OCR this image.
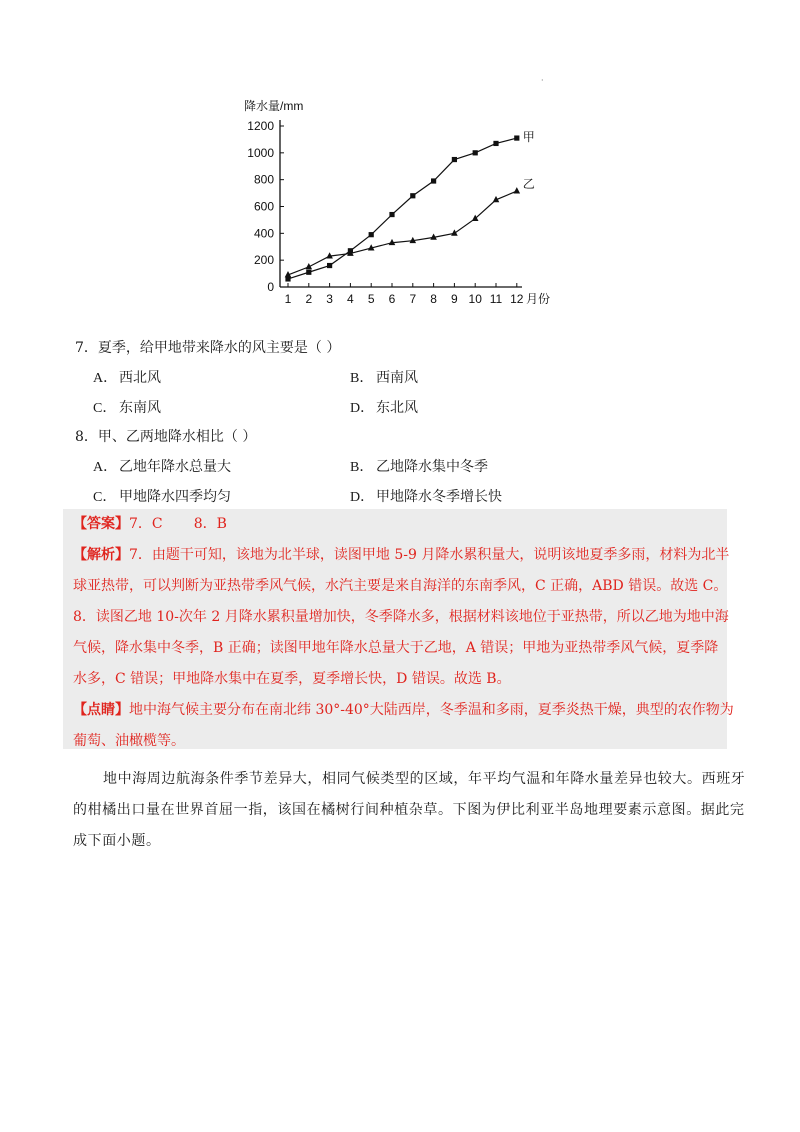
·
降水量/mm
0
200
400
600
800
1000
1200
1 2 3 4 5 6 7 8 9 10 11 12
甲
乙
月份
7．夏季，给甲地带来降水的风主要是（ ）
A． 西北风	B． 西南风
C． 东南风	D． 东北风
8．甲、乙两地降水相比（ ）
A． 乙地年降水总量大	B． 乙地降水集中冬季
C． 甲地降水四季均匀	D． 甲地降水冬季增长快
【答案】7．C       8．B
【解析】7．由题干可知，该地为北半球，读图甲地 5-9 月降水累积量大，说明该地夏季多雨，材料为北半
球亚热带，可以判断为亚热带季风气候，水汽主要是来自海洋的东南季风，C 正确，ABD 错误。故选 C。
8．读图乙地 10-次年 2 月降水累积量增加快，冬季降水多，根据材料该地位于亚热带，所以乙地为地中海
气候，降水集中冬季，B 正确；读图甲地年降水总量大于乙地，A 错误；甲地为亚热带季风气候，夏季降
水多，C 错误；甲地降水集中在夏季，夏季增长快，D 错误。故选 B。
【点睛】地中海气候主要分布在南北纬 30°-40°大陆西岸，冬季温和多雨，夏季炎热干燥，典型的农作物为
葡萄、油橄榄等。
地中海周边航海条件季节差异大，相同气候类型的区域，年平均气温和年降水量差异也较大。西班牙
的柑橘出口量在世界首屈一指，该国在橘树行间种植杂草。下图为伊比利亚半岛地理要素示意图。据此完
成下面小题。
